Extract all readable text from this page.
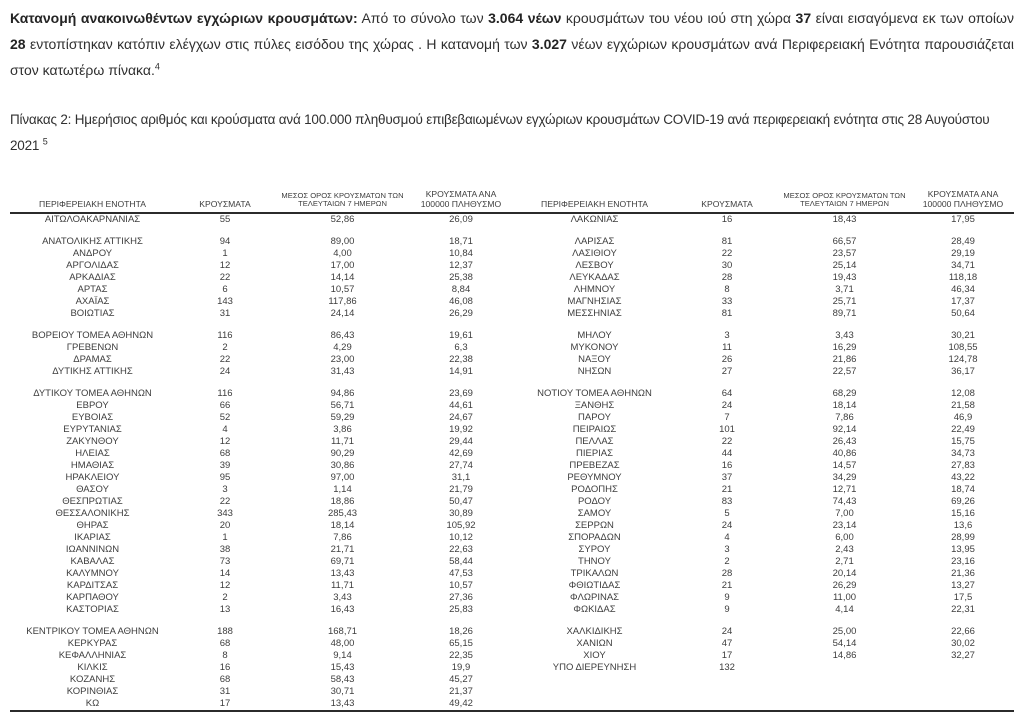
Κατανομή ανακοινωθέντων εγχώριων κρουσμάτων: Από το σύνολο των 3.064 νέων κρουσμάτων του νέου ιού στη χώρα 37 είναι εισαγόμενα εκ των οποίων 28 εντοπίστηκαν κατόπιν ελέγχων στις πύλες εισόδου της χώρας . Η κατανομή των 3.027 νέων εγχώριων κρουσμάτων ανά Περιφερειακή Ενότητα παρουσιάζεται στον κατωτέρω πίνακα.$^4$

Πίνακας 2: Ημερήσιος αριθμός και κρούσματα ανά 100.000 πληθυσμού επιβεβαιωμένων εγχώριων κρουσμάτων COVID-19 ανά περιφερειακή ενότητα στις 28 Αυγούστου 2021 $^5$

ΠΕΡΙΦΕΡΕΙΑΚΗ ΕΝΟΤΗΤΑ	ΚΡΟΥΣΜΑΤΑ	ΜΕΣΟΣ ΟΡΟΣ ΚΡΟΥΣΜΑΤΩΝ ΤΩΝ ΤΕΛΕΥΤΑΙΩΝ 7 ΗΜΕΡΩΝ	ΚΡΟΥΣΜΑΤΑ ΑΝΑ 100000 ΠΛΗΘΥΣΜΟ	ΠΕΡΙΦΕΡΕΙΑΚΗ ΕΝΟΤΗΤΑ	ΚΡΟΥΣΜΑΤΑ	ΜΕΣΟΣ ΟΡΟΣ ΚΡΟΥΣΜΑΤΩΝ ΤΩΝ ΤΕΛΕΥΤΑΙΩΝ 7 ΗΜΕΡΩΝ	ΚΡΟΥΣΜΑΤΑ ΑΝΑ 100000 ΠΛΗΘΥΣΜΟ
ΑΙΤΩΛΟΑΚΑΡΝΑΝΙΑΣ	55	52,86	26,09	ΛΑΚΩΝΙΑΣ	16	18,43	17,95

ΑΝΑΤΟΛΙΚΗΣ ΑΤΤΙΚΗΣ	94	89,00	18,71	ΛΑΡΙΣΑΣ	81	66,57	28,49
ΑΝΔΡΟΥ	1	4,00	10,84	ΛΑΣΙΘΙΟΥ	22	23,57	29,19
ΑΡΓΟΛΙΔΑΣ	12	17,00	12,37	ΛΕΣΒΟΥ	30	25,14	34,71
ΑΡΚΑΔΙΑΣ	22	14,14	25,38	ΛΕΥΚΑΔΑΣ	28	19,43	118,18
ΑΡΤΑΣ	6	10,57	8,84	ΛΗΜΝΟΥ	8	3,71	46,34
ΑΧΑΪΑΣ	143	117,86	46,08	ΜΑΓΝΗΣΙΑΣ	33	25,71	17,37
ΒΟΙΩΤΙΑΣ	31	24,14	26,29	ΜΕΣΣΗΝΙΑΣ	81	89,71	50,64

ΒΟΡΕΙΟΥ ΤΟΜΕΑ ΑΘΗΝΩΝ	116	86,43	19,61	ΜΗΛΟΥ	3	3,43	30,21
ΓΡΕΒΕΝΩΝ	2	4,29	6,3	ΜΥΚΟΝΟΥ	11	16,29	108,55
ΔΡΑΜΑΣ	22	23,00	22,38	ΝΑΞΟΥ	26	21,86	124,78
ΔΥΤΙΚΗΣ ΑΤΤΙΚΗΣ	24	31,43	14,91	ΝΗΣΩΝ	27	22,57	36,17

ΔΥΤΙΚΟΥ ΤΟΜΕΑ ΑΘΗΝΩΝ	116	94,86	23,69	ΝΟΤΙΟΥ ΤΟΜΕΑ ΑΘΗΝΩΝ	64	68,29	12,08
ΕΒΡΟΥ	66	56,71	44,61	ΞΑΝΘΗΣ	24	18,14	21,58
ΕΥΒΟΙΑΣ	52	59,29	24,67	ΠΑΡΟΥ	7	7,86	46,9
ΕΥΡΥΤΑΝΙΑΣ	4	3,86	19,92	ΠΕΙΡΑΙΩΣ	101	92,14	22,49
ΖΑΚΥΝΘΟΥ	12	11,71	29,44	ΠΕΛΛΑΣ	22	26,43	15,75
ΗΛΕΙΑΣ	68	90,29	42,69	ΠΙΕΡΙΑΣ	44	40,86	34,73
ΗΜΑΘΙΑΣ	39	30,86	27,74	ΠΡΕΒΕΖΑΣ	16	14,57	27,83
ΗΡΑΚΛΕΙΟΥ	95	97,00	31,1	ΡΕΘΥΜΝΟΥ	37	34,29	43,22
ΘΑΣΟΥ	3	1,14	21,79	ΡΟΔΟΠΗΣ	21	12,71	18,74
ΘΕΣΠΡΩΤΙΑΣ	22	18,86	50,47	ΡΟΔΟΥ	83	74,43	69,26
ΘΕΣΣΑΛΟΝΙΚΗΣ	343	285,43	30,89	ΣΑΜΟΥ	5	7,00	15,16
ΘΗΡΑΣ	20	18,14	105,92	ΣΕΡΡΩΝ	24	23,14	13,6
ΙΚΑΡΙΑΣ	1	7,86	10,12	ΣΠΟΡΑΔΩΝ	4	6,00	28,99
ΙΩΑΝΝΙΝΩΝ	38	21,71	22,63	ΣΥΡΟΥ	3	2,43	13,95
ΚΑΒΑΛΑΣ	73	69,71	58,44	ΤΗΝΟΥ	2	2,71	23,16
ΚΑΛΥΜΝΟΥ	14	13,43	47,53	ΤΡΙΚΑΛΩΝ	28	20,14	21,36
ΚΑΡΔΙΤΣΑΣ	12	11,71	10,57	ΦΘΙΩΤΙΔΑΣ	21	26,29	13,27
ΚΑΡΠΑΘΟΥ	2	3,43	27,36	ΦΛΩΡΙΝΑΣ	9	11,00	17,5
ΚΑΣΤΟΡΙΑΣ	13	16,43	25,83	ΦΩΚΙΔΑΣ	9	4,14	22,31

ΚΕΝΤΡΙΚΟΥ ΤΟΜΕΑ ΑΘΗΝΩΝ	188	168,71	18,26	ΧΑΛΚΙΔΙΚΗΣ	24	25,00	22,66
ΚΕΡΚΥΡΑΣ	68	48,00	65,15	ΧΑΝΙΩΝ	47	54,14	30,02
ΚΕΦΑΛΛΗΝΙΑΣ	8	9,14	22,35	ΧΙΟΥ	17	14,86	32,27
ΚΙΛΚΙΣ	16	15,43	19,9	ΥΠΟ ΔΙΕΡΕΥΝΗΣΗ	132		
ΚΟΖΑΝΗΣ	68	58,43	45,27				
ΚΟΡΙΝΘΙΑΣ	31	30,71	21,37				
ΚΩ	17	13,43	49,42				
